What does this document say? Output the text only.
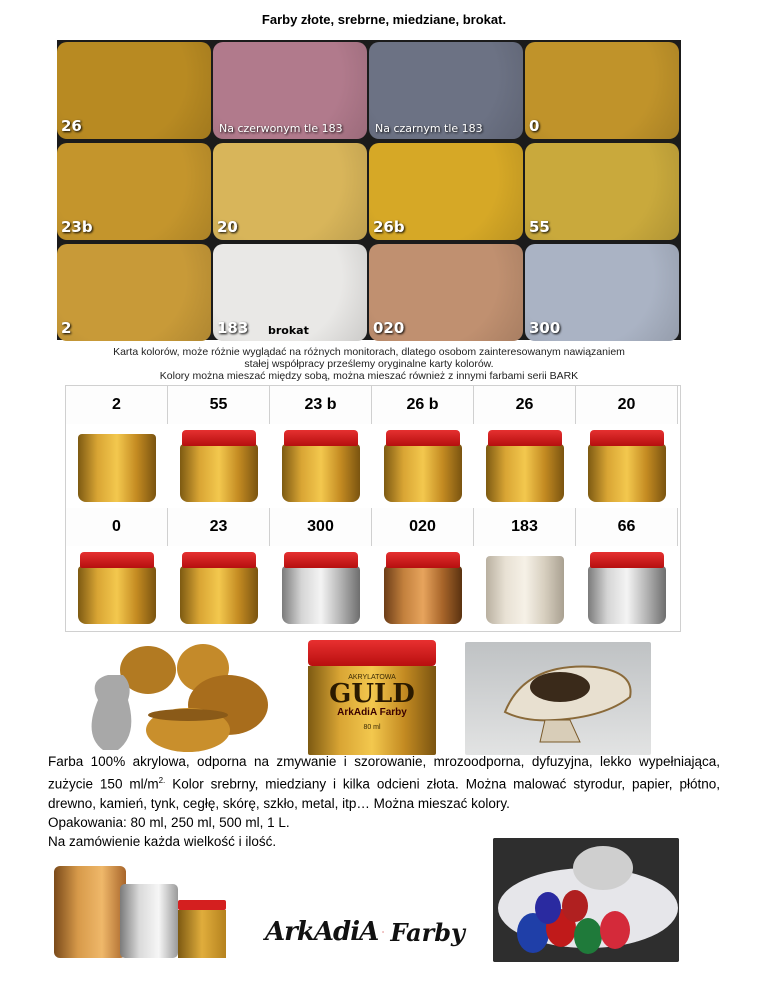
Farby złote, srebrne, miedziane, brokat.
26	Na czerwonym tle 183	Na czarnym tle 183	0
23b	20	26b	55
2	183 brokat	020	300
Karta kolorów, może różnie wyglądać na różnych monitorach, dlatego osobom zainteresowanym nawiązaniem
stałej współpracy prześlemy oryginalne karty kolorów.
Kolory można mieszać między sobą, można mieszać również z innymi farbami serii BARK
2	55	23 b	26 b	26	20
0	23	300	020	183	66
AKRYLATOWA
GULD
ArkAdiA Farby
80 ml

Farba 100% akrylowa, odporna na zmywanie i szorowanie, mrozoodporna, dyfuzyjna, lekko wypełniająca, zużycie 150 $ml/m^{2.}$ Kolor srebrny, miedziany i kilka odcieni złota. Można malować styrodur, papier, płótno, drewno, kamień, tynk, cegłę, skórę, szkło, metal, itp… Można mieszać kolory.

Opakowania: 80 ml, 250 ml, 500 ml, 1 L.

Na zamówienie każda wielkość i ilość.

ArkAdiA Farby
